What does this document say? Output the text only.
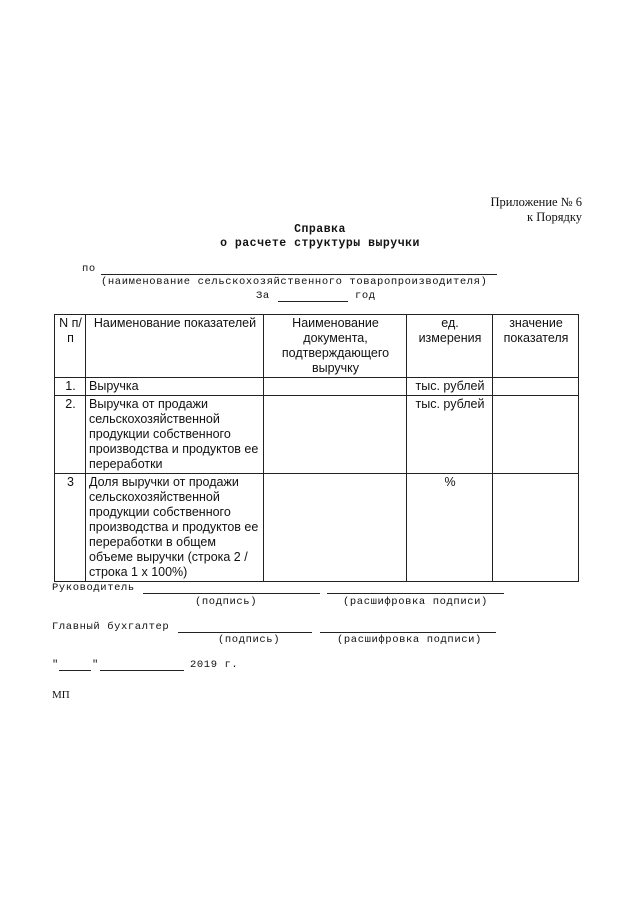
Приложение № 6
к Порядку
Справка
о расчете структуры выручки
по
(наименование сельскохозяйственного товаропроизводителя)
За	год
N п/п	Наименование показателей	Наименование документа, подтверждающего выручку	ед. измерения	значение показателя
1.	Выручка		тыс. рублей	
2.	Выручка от продажи сельскохозяйственной продукции собственного производства и продуктов ее переработки		тыс. рублей	
3	Доля выручки от продажи сельскохозяйственной продукции собственного производства и продуктов ее переработки в общем объеме выручки (строка 2 / строка 1 x 100%)		%	
Руководитель
(подпись)	(расшифровка подписи)
Главный бухгалтер
(подпись)	(расшифровка подписи)
"	"	2019 г.
МП
